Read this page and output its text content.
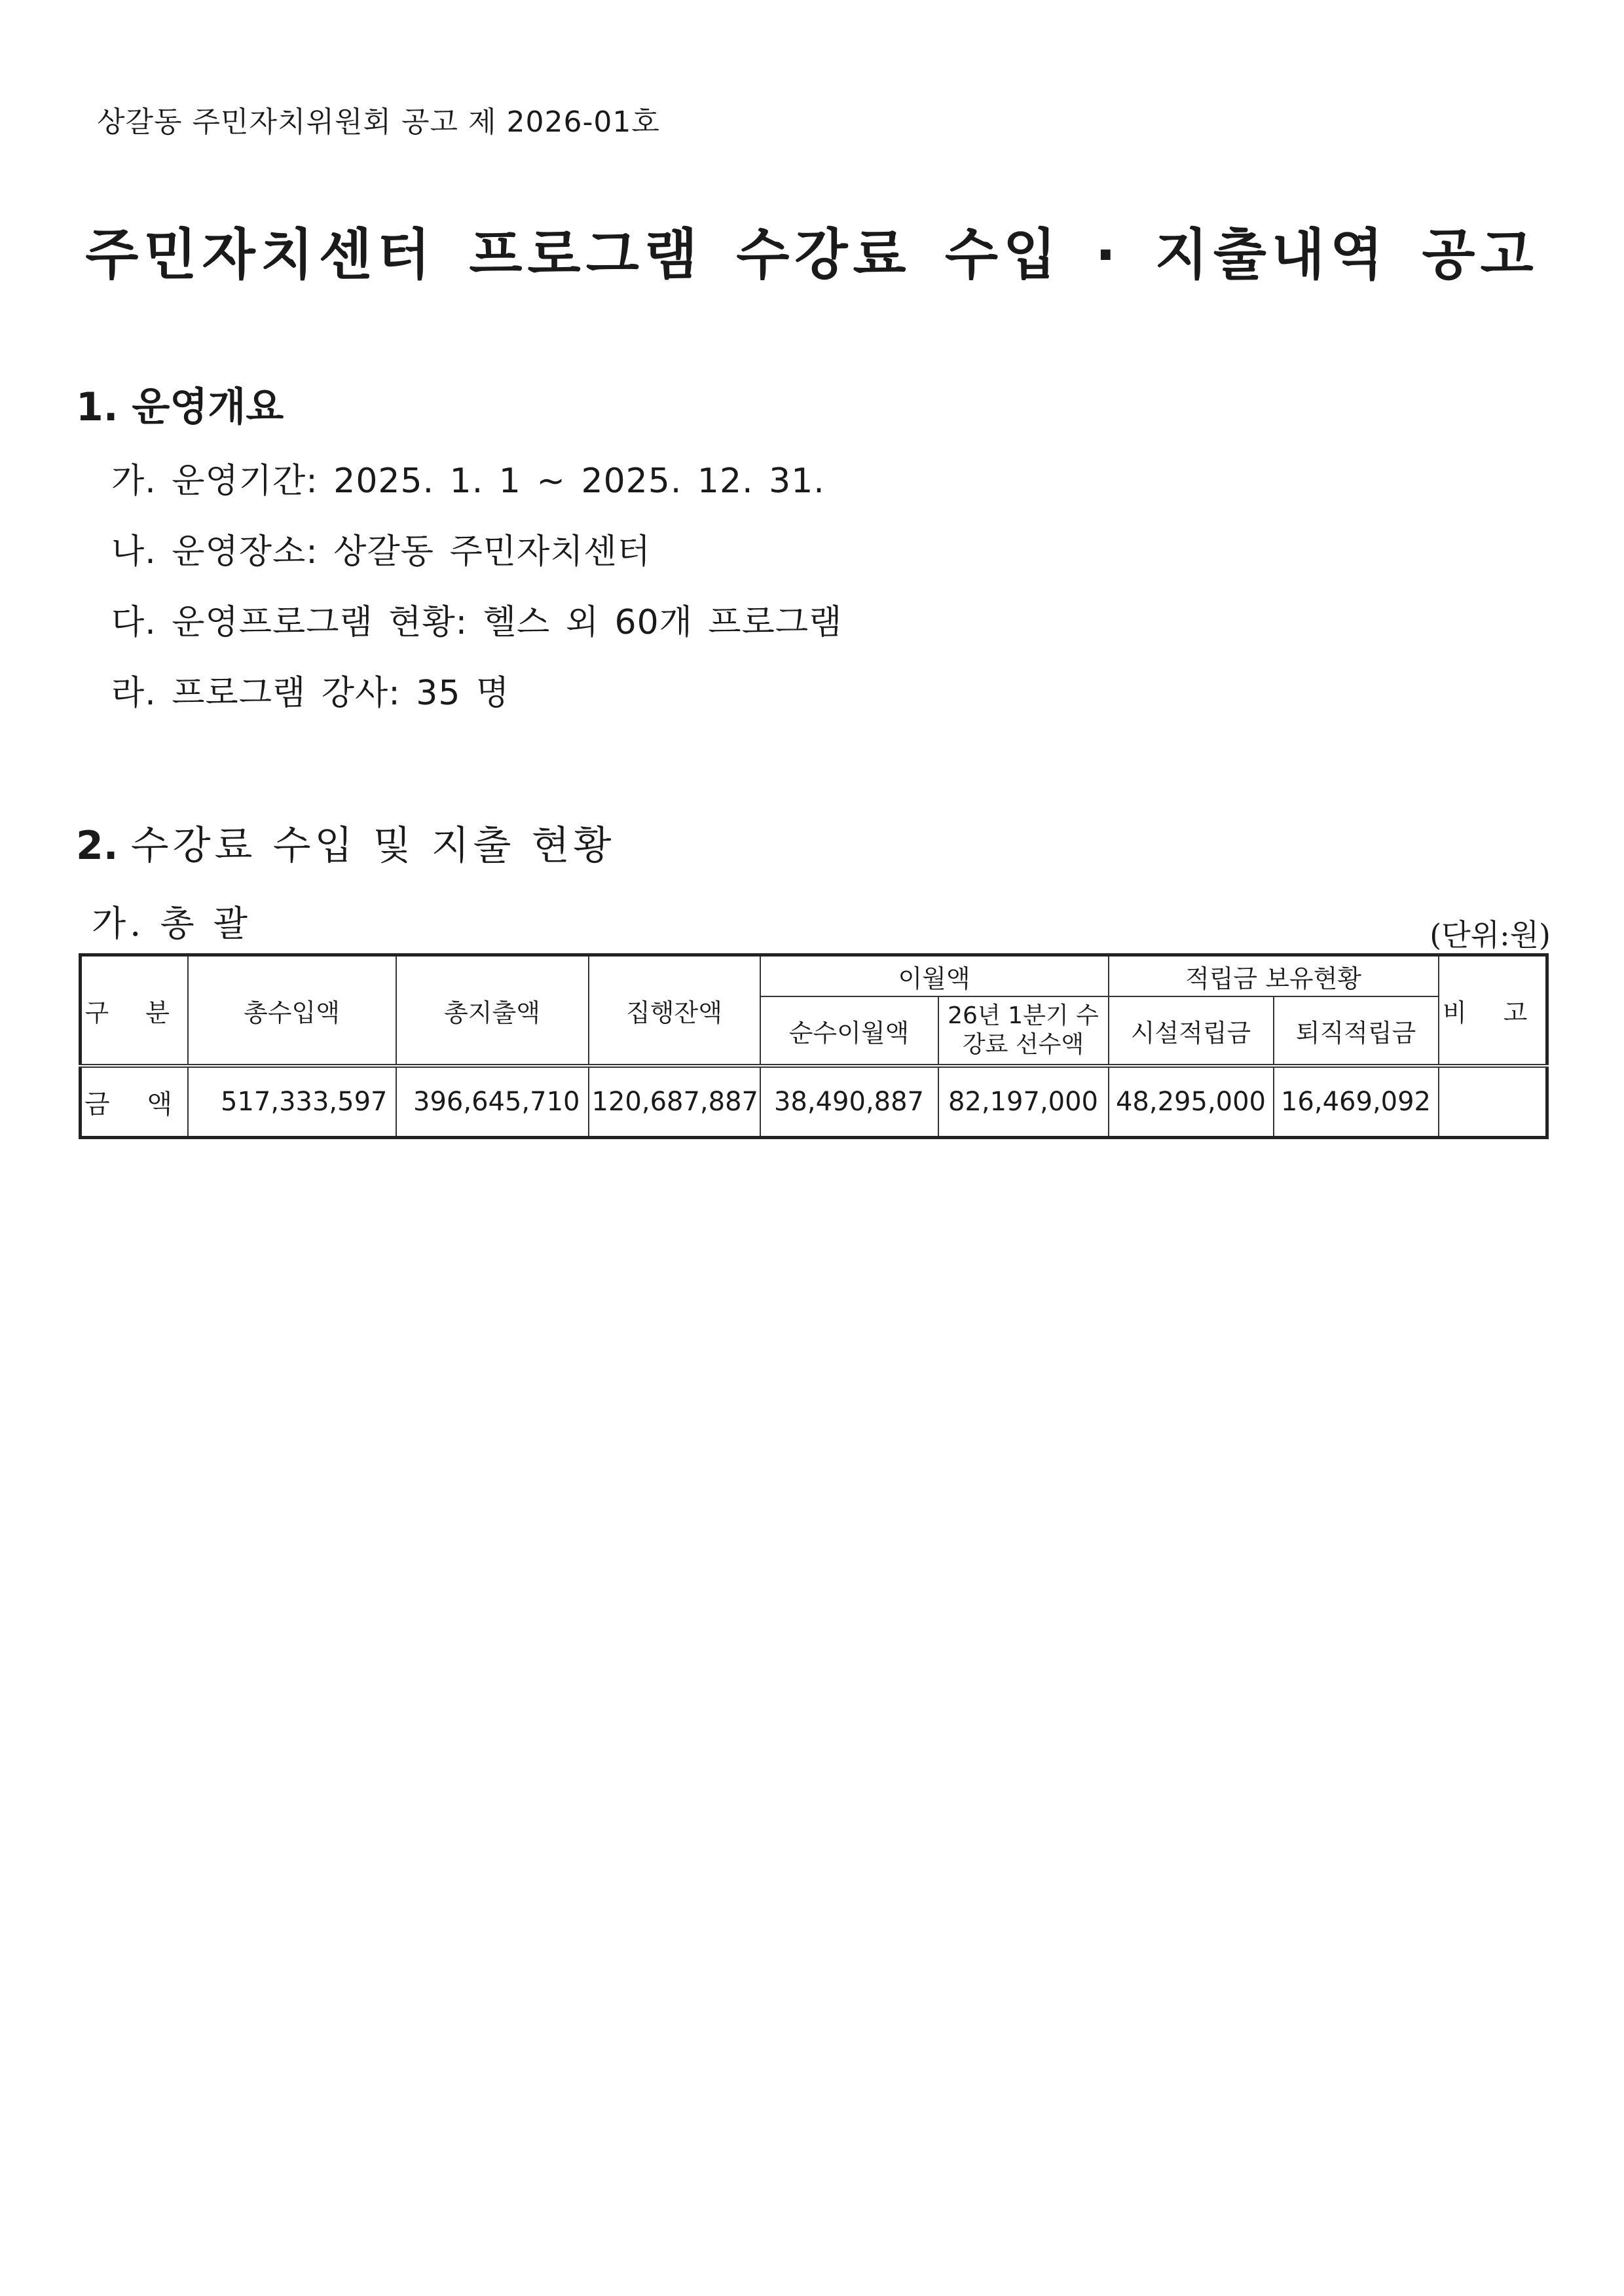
상갈동 주민자치위원회 공고 제 2026-01호
주민자치센터 프로그램 수강료 수입 · 지출내역 공고
1. 운영개요
가. 운영기간: 2025. 1. 1 ~ 2025. 12. 31.
나. 운영장소: 상갈동 주민자치센터
다. 운영프로그램 현황: 헬스 외 60개 프로그램
라. 프로그램 강사: 35 명
2. 수강료 수입 및 지출 현황
가. 총 괄	(단위:원)
구 분	총수입액	총지출액	집행잔액	이월액		적립금 보유현황		비 고
				순수이월액	26년 1분기 수강료 선수액	시설적립금	퇴직적립금	
금 액	517,333,597	396,645,710	120,687,887	38,490,887	82,197,000	48,295,000	16,469,092	
